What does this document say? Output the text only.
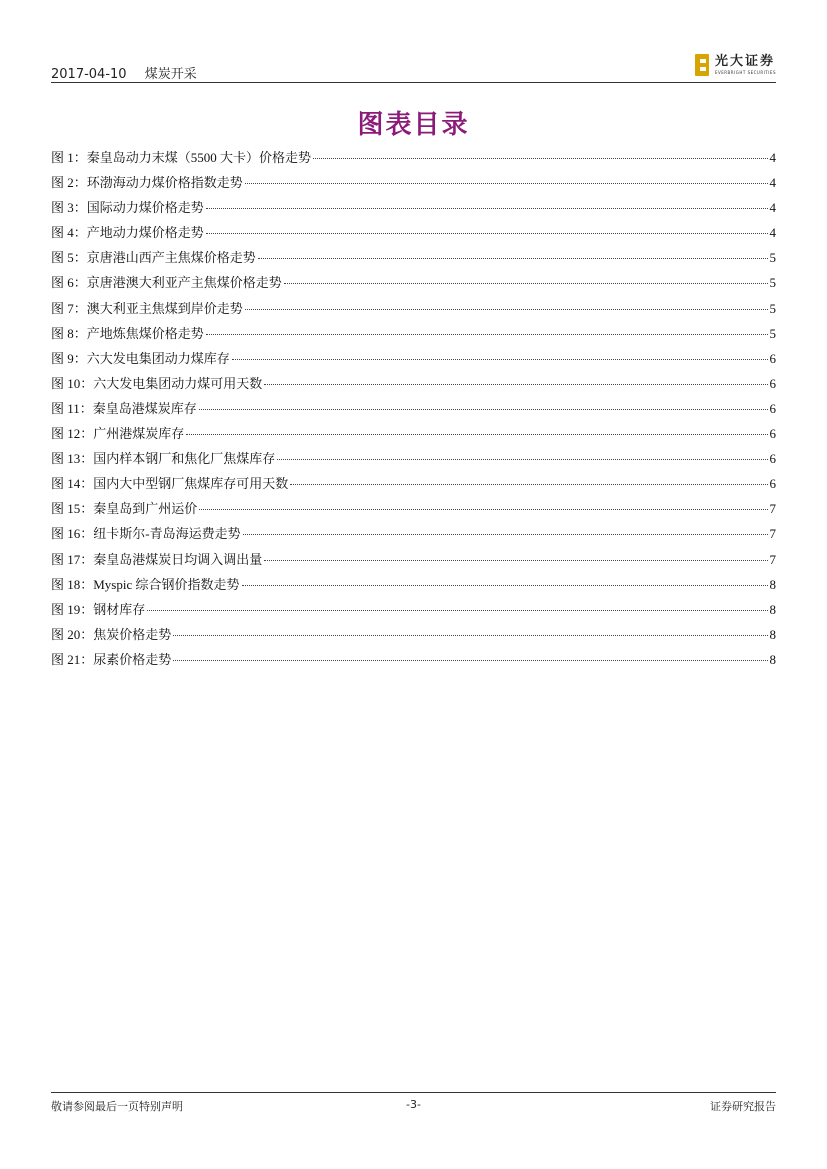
2017-04-10 煤炭开采
光大证券
EVERBRIGHT SECURITIES
图表目录
图 1：秦皇岛动力末煤（5500 大卡）价格走势	4
图 2：环渤海动力煤价格指数走势	4
图 3：国际动力煤价格走势	4
图 4：产地动力煤价格走势	4
图 5：京唐港山西产主焦煤价格走势	5
图 6：京唐港澳大利亚产主焦煤价格走势	5
图 7：澳大利亚主焦煤到岸价走势	5
图 8：产地炼焦煤价格走势	5
图 9：六大发电集团动力煤库存	6
图 10：六大发电集团动力煤可用天数	6
图 11：秦皇岛港煤炭库存	6
图 12：广州港煤炭库存	6
图 13：国内样本钢厂和焦化厂焦煤库存	6
图 14：国内大中型钢厂焦煤库存可用天数	6
图 15：秦皇岛到广州运价	7
图 16：纽卡斯尔-青岛海运费走势	7
图 17：秦皇岛港煤炭日均调入调出量	7
图 18：Myspic 综合钢价指数走势	8
图 19：钢材库存	8
图 20：焦炭价格走势	8
图 21：尿素价格走势	8
敬请参阅最后一页特别声明	-3-	证券研究报告
